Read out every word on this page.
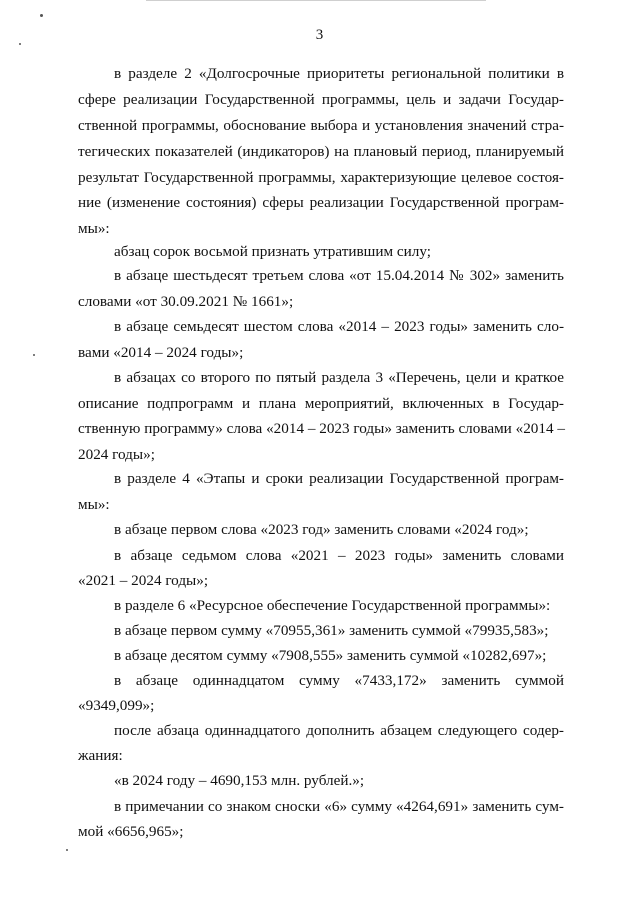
3
в разделе 2 «Долгосрочные приоритеты региональной политики в
сфере реализации Государственной программы, цель и задачи Государ-
ственной программы, обоснование выбора и установления значений стра-
тегических показателей (индикаторов) на плановый период, планируемый
результат Государственной программы, характеризующие целевое состоя-
ние (изменение состояния) сферы реализации Государственной програм-
мы»:
абзац сорок восьмой признать утратившим силу;
в абзаце шестьдесят третьем слова «от 15.04.2014 № 302» заменить
словами «от 30.09.2021 № 1661»;
в абзаце семьдесят шестом слова «2014 – 2023 годы» заменить сло-
вами «2014 – 2024 годы»;
в абзацах со второго по пятый раздела 3 «Перечень, цели и краткое
описание подпрограмм и плана мероприятий, включенных в Государ-
ственную программу» слова «2014 – 2023 годы» заменить словами «2014 –
2024 годы»;
в разделе 4 «Этапы и сроки реализации Государственной програм-
мы»:
в абзаце первом слова «2023 год» заменить словами «2024 год»;
в абзаце седьмом слова «2021 – 2023 годы» заменить словами
«2021 – 2024 годы»;
в разделе 6 «Ресурсное обеспечение Государственной программы»:
в абзаце первом сумму «70955,361» заменить суммой «79935,583»;
в абзаце десятом сумму «7908,555» заменить суммой «10282,697»;
в абзаце одиннадцатом сумму «7433,172» заменить суммой
«9349,099»;
после абзаца одиннадцатого дополнить абзацем следующего содер-
жания:
«в 2024 году – 4690,153 млн. рублей.»;
в примечании со знаком сноски «6» сумму «4264,691» заменить сум-
мой «6656,965»;
